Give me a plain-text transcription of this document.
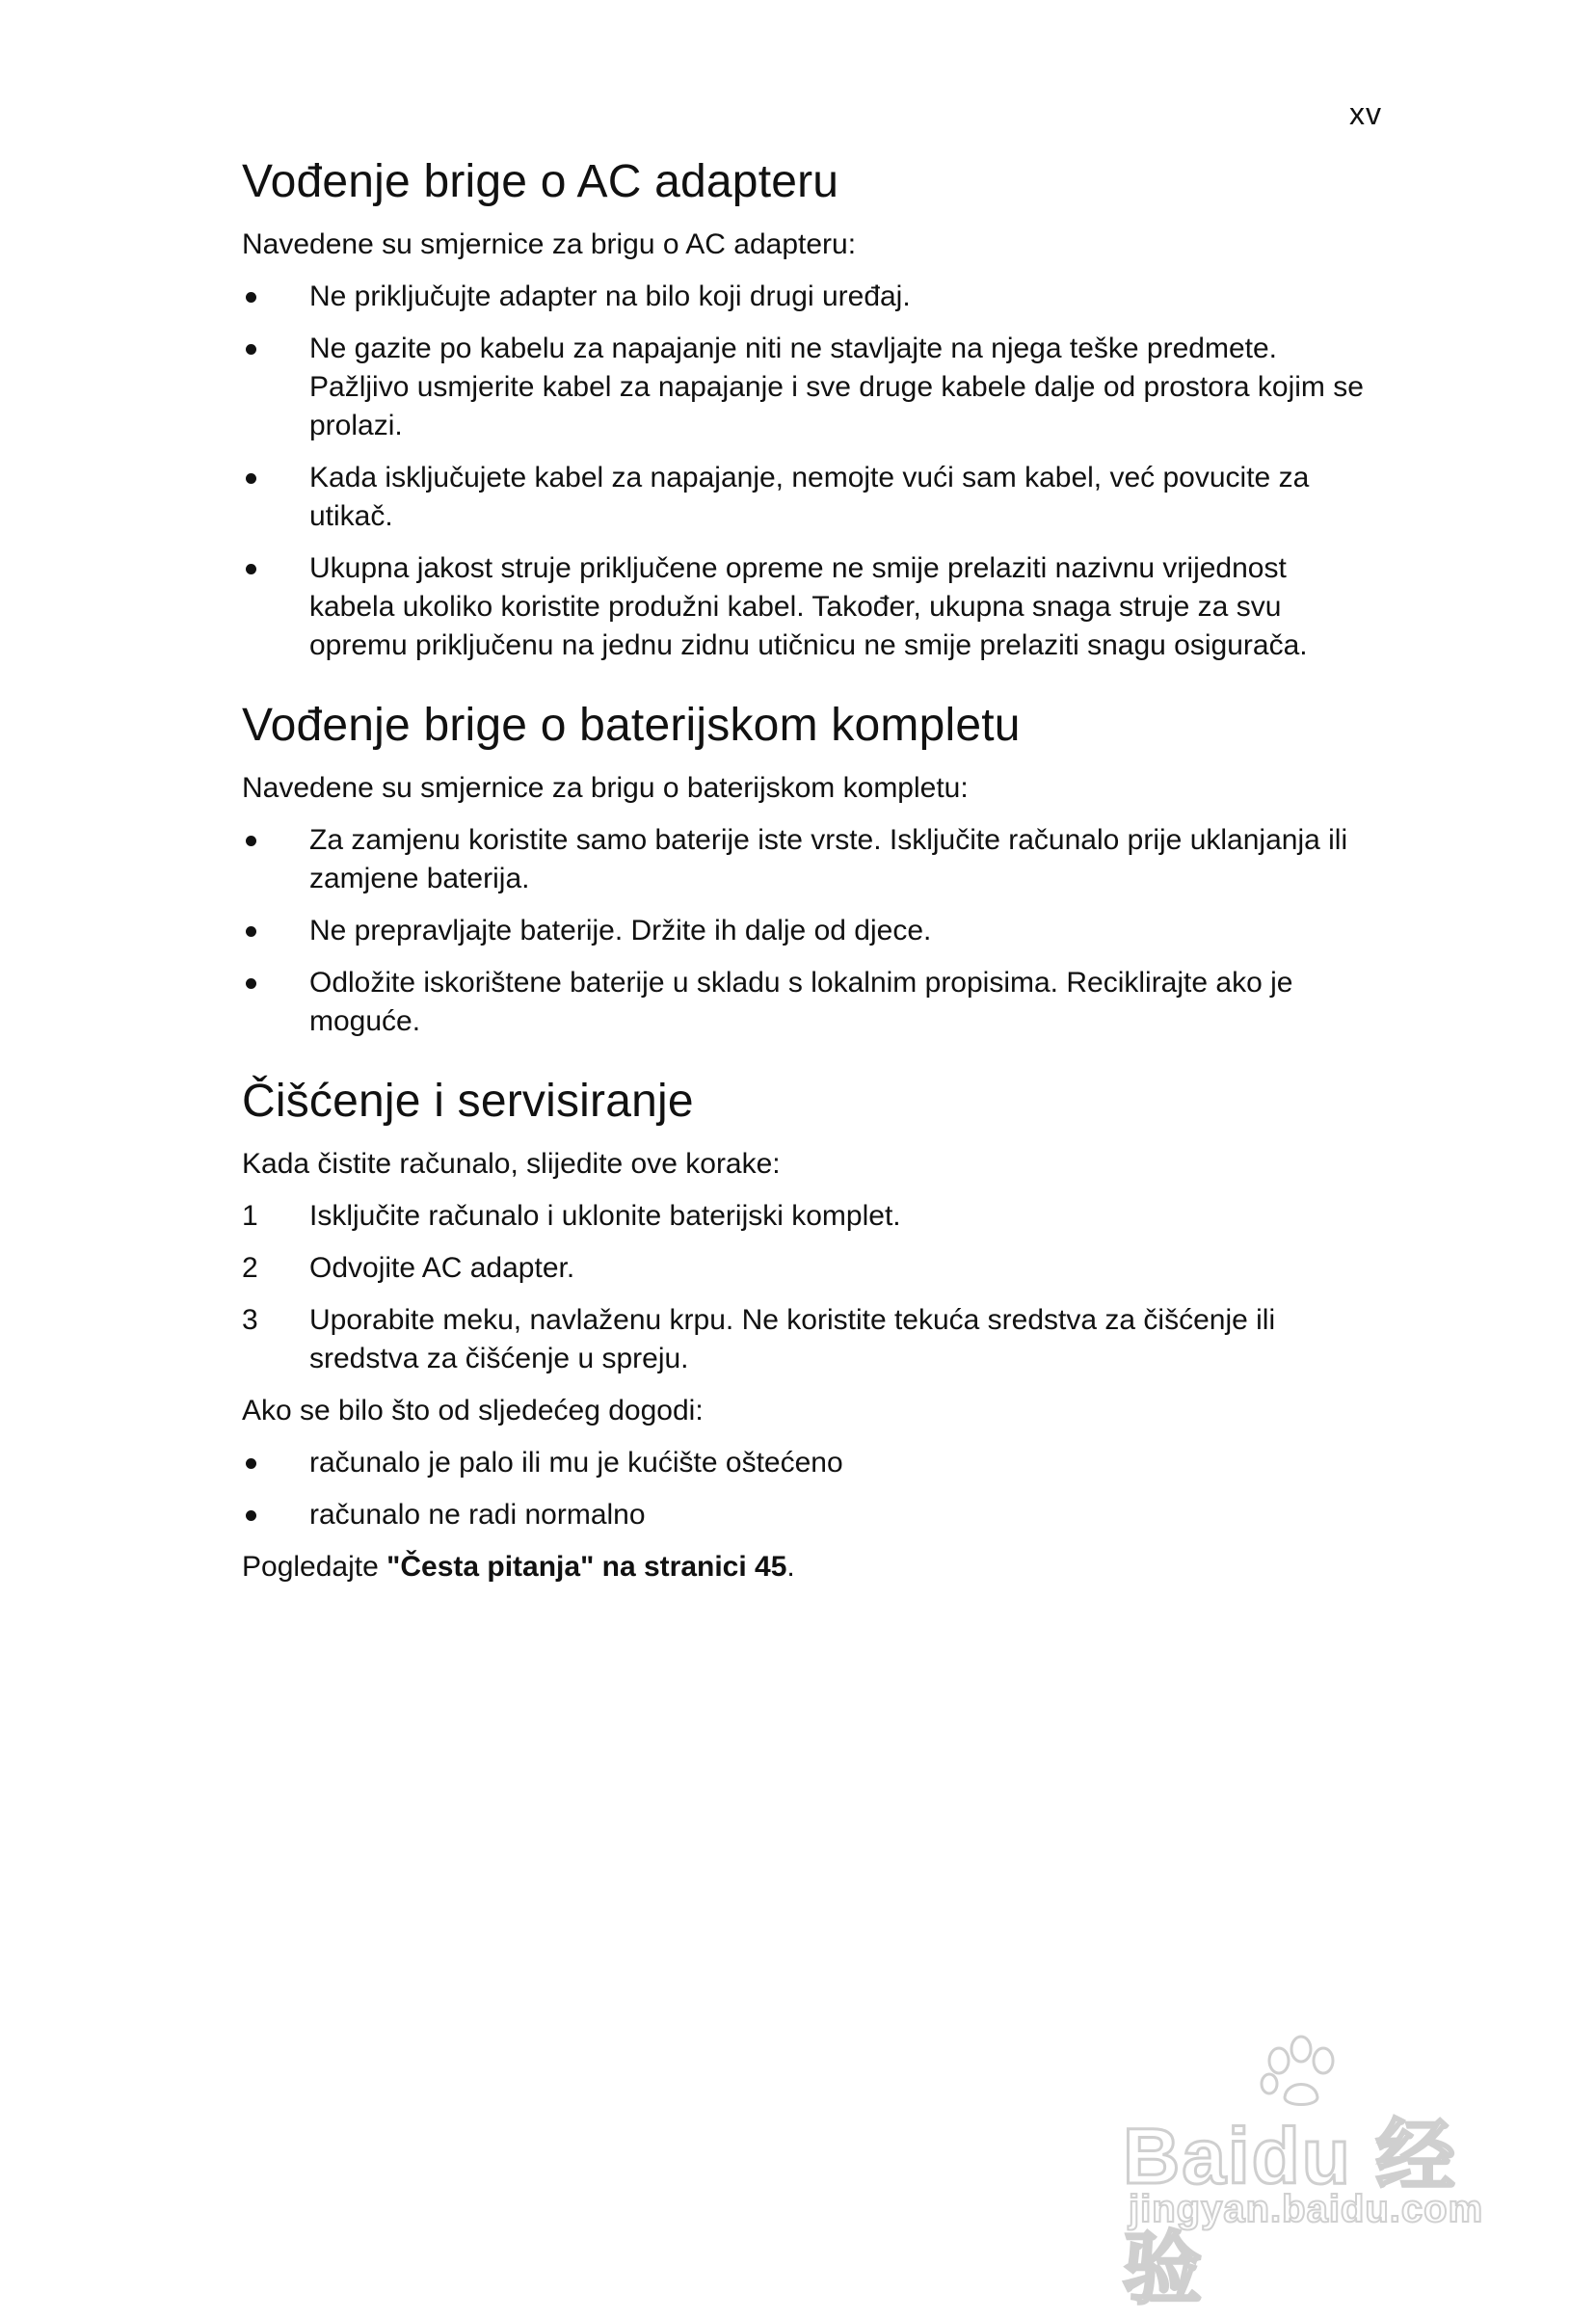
xv
Vođenje brige o AC adapteru

Navedene su smjernice za brigu o AC adapteru:

Ne priključujte adapter na bilo koji drugi uređaj.
Ne gazite po kabelu za napajanje niti ne stavljajte na njega teške predmete. Pažljivo usmjerite kabel za napajanje i sve druge kabele dalje od prostora kojim se prolazi.
Kada isključujete kabel za napajanje, nemojte vući sam kabel, već povucite za utikač.
Ukupna jakost struje priključene opreme ne smije prelaziti nazivnu vrijednost kabela ukoliko koristite produžni kabel. Također, ukupna snaga struje za svu opremu priključenu na jednu zidnu utičnicu ne smije prelaziti snagu osigurača.
Vođenje brige o baterijskom kompletu

Navedene su smjernice za brigu o baterijskom kompletu:

Za zamjenu koristite samo baterije iste vrste. Isključite računalo prije uklanjanja ili zamjene baterija.
Ne prepravljajte baterije. Držite ih dalje od djece.
Odložite iskorištene baterije u skladu s lokalnim propisima. Reciklirajte ako je moguće.
Čišćenje i servisiranje

Kada čistite računalo, slijedite ove korake:

1 Isključite računalo i uklonite baterijski komplet.
2 Odvojite AC adapter.
3 Uporabite meku, navlaženu krpu. Ne koristite tekuća sredstva za čišćenje ili sredstva za čišćenje u spreju.

Ako se bilo što od sljedećeg dogodi:

računalo je palo ili mu je kućište oštećeno
računalo ne radi normalno

Pogledajte "Česta pitanja" na stranici 45.

Baidu 经验
jingyan.baidu.com
